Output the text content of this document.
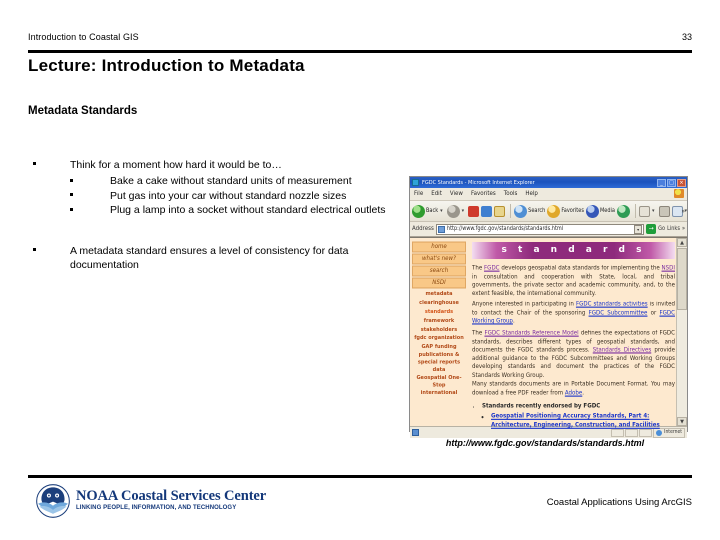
Introduction to Coastal GIS	33
Lecture: Introduction to Metadata
Metadata Standards
Think for a moment how hard it would be to…
Bake a cake without standard units of measurement
Put gas into your car without standard nozzle sizes
Plug a lamp into a socket without standard electrical outlets
A metadata standard ensures a level of consistency for data documentation
FGDC Standards - Microsoft Internet Explorer	_	□	×
File Edit View Favorites Tools Help
Back ▾	▾	Search	Favorites	Media	▾	▾
»
Address	http://www.fgdc.gov/standards/standards.html	▾	→ Go Links »
home
what's new?
search
NSDI
metadata
clearinghouse
standards
framework
stakeholders
fgdc organization
GAP funding
publications & special reports
data
Geospatial One-Stop
international
s t a n d a r d s

The FGDC develops geospatial data standards for implementing the NSDI in consultation and cooperation with State, local, and tribal governments, the private sector and academic community, and, to the extent feasible, the international community.

Anyone interested in participating in FGDC standards activities is invited to contact the Chair of the sponsoring FGDC Subcommittee or FGDC Working Group.

The FGDC Standards Reference Model defines the expectations of FGDC standards, describes different types of geospatial standards, and documents the FGDC standards process. Standards Directives provide additional guidance to the FGDC Subcommittees and Working Groups developing standards and document the practices of the FGDC Standards Working Group.

Many standards documents are in Portable Document Format. You may download a free PDF reader from Adobe.

• Standards recently endorsed by FGDC
◦ Geospatial Positioning Accuracy Standards, Part 4: Architecture, Engineering, Construction, and Facilities
▲
▼
Internet
http://www.fgdc.gov/standards/standards.html
NOAA Coastal Services Center
LINKING PEOPLE, INFORMATION, AND TECHNOLOGY	Coastal Applications Using ArcGIS
